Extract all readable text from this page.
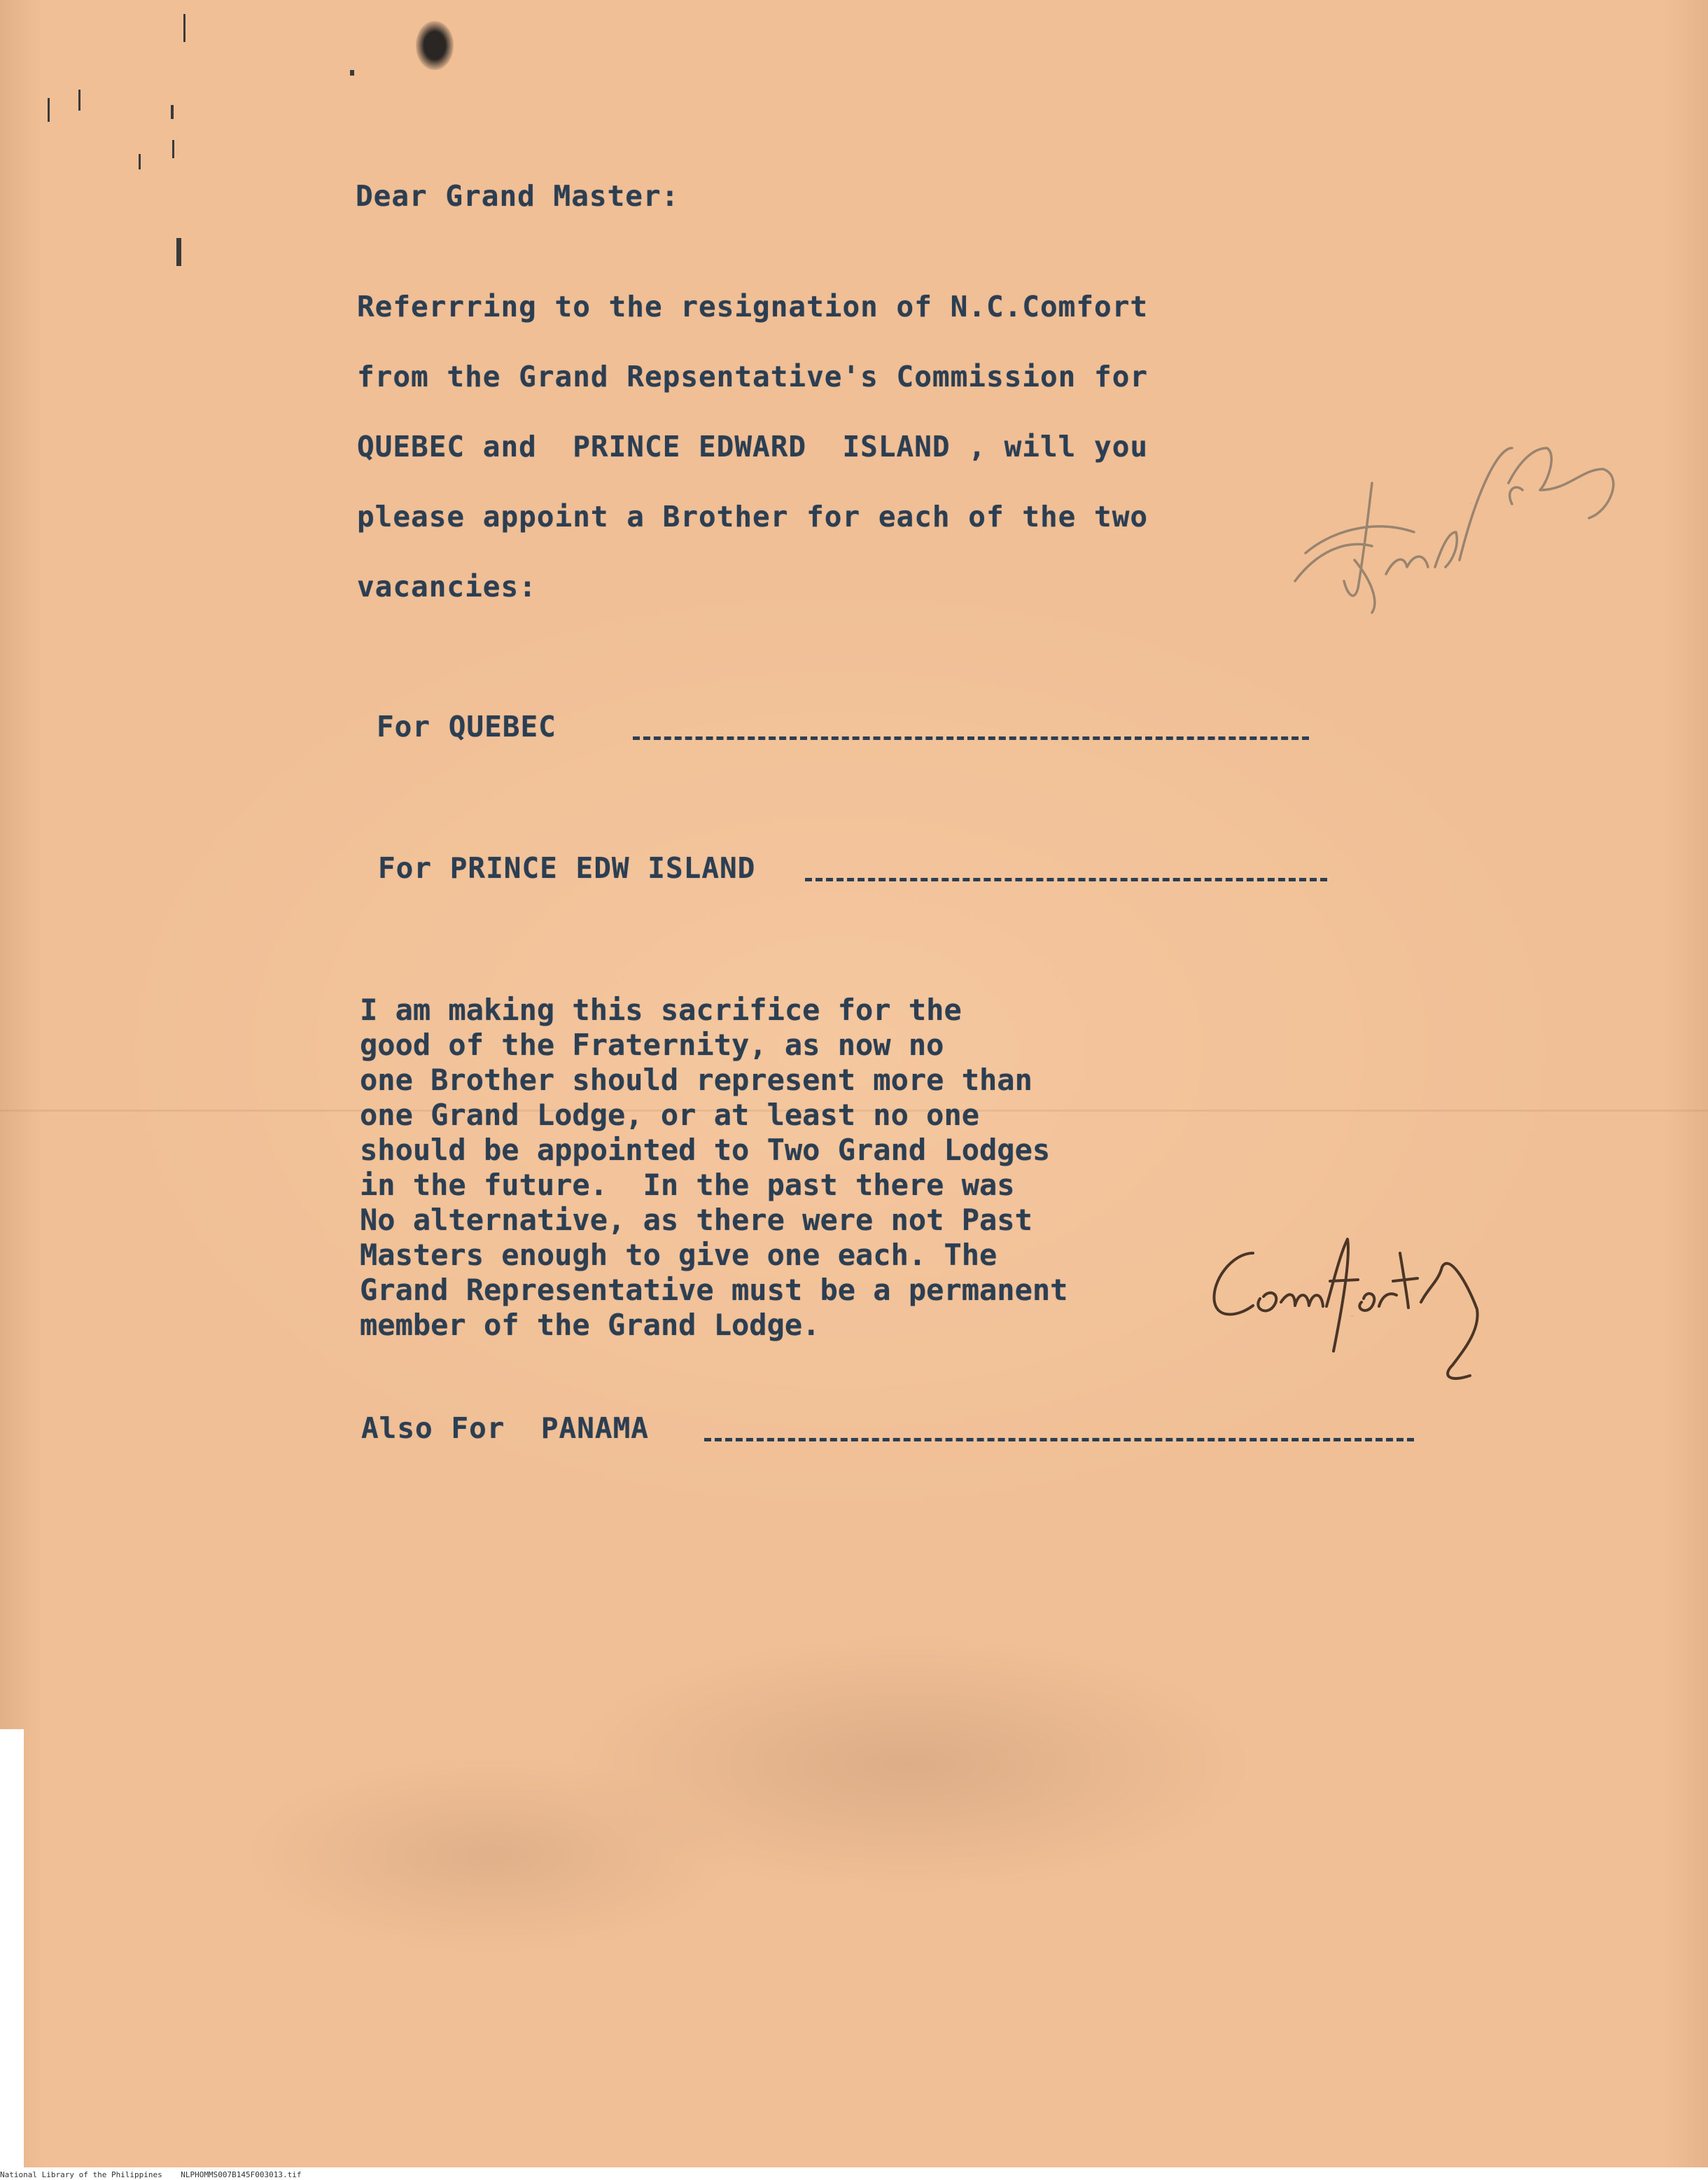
Dear Grand Master:

Referrring to the resignation of N.C.Comfort

from the Grand Repsentative's Commission for

QUEBEC and  PRINCE EDWARD  ISLAND , will you

please appoint a Brother for each of the two

vacancies:

For QUEBEC

For PRINCE EDW ISLAND

I am making this sacrifice for the

good of the Fraternity, as now no

one Brother should represent more than

one Grand Lodge, or at least no one

should be appointed to Two Grand Lodges

in the future.  In the past there was

No alternative, as there were not Past

Masters enough to give one each. The

Grand Representative must be a permanent

member of the Grand Lodge.

Also For  PANAMA

Comfort
Frank
National Library of the Philippines NLPHOMMS007B145F003013.tif
